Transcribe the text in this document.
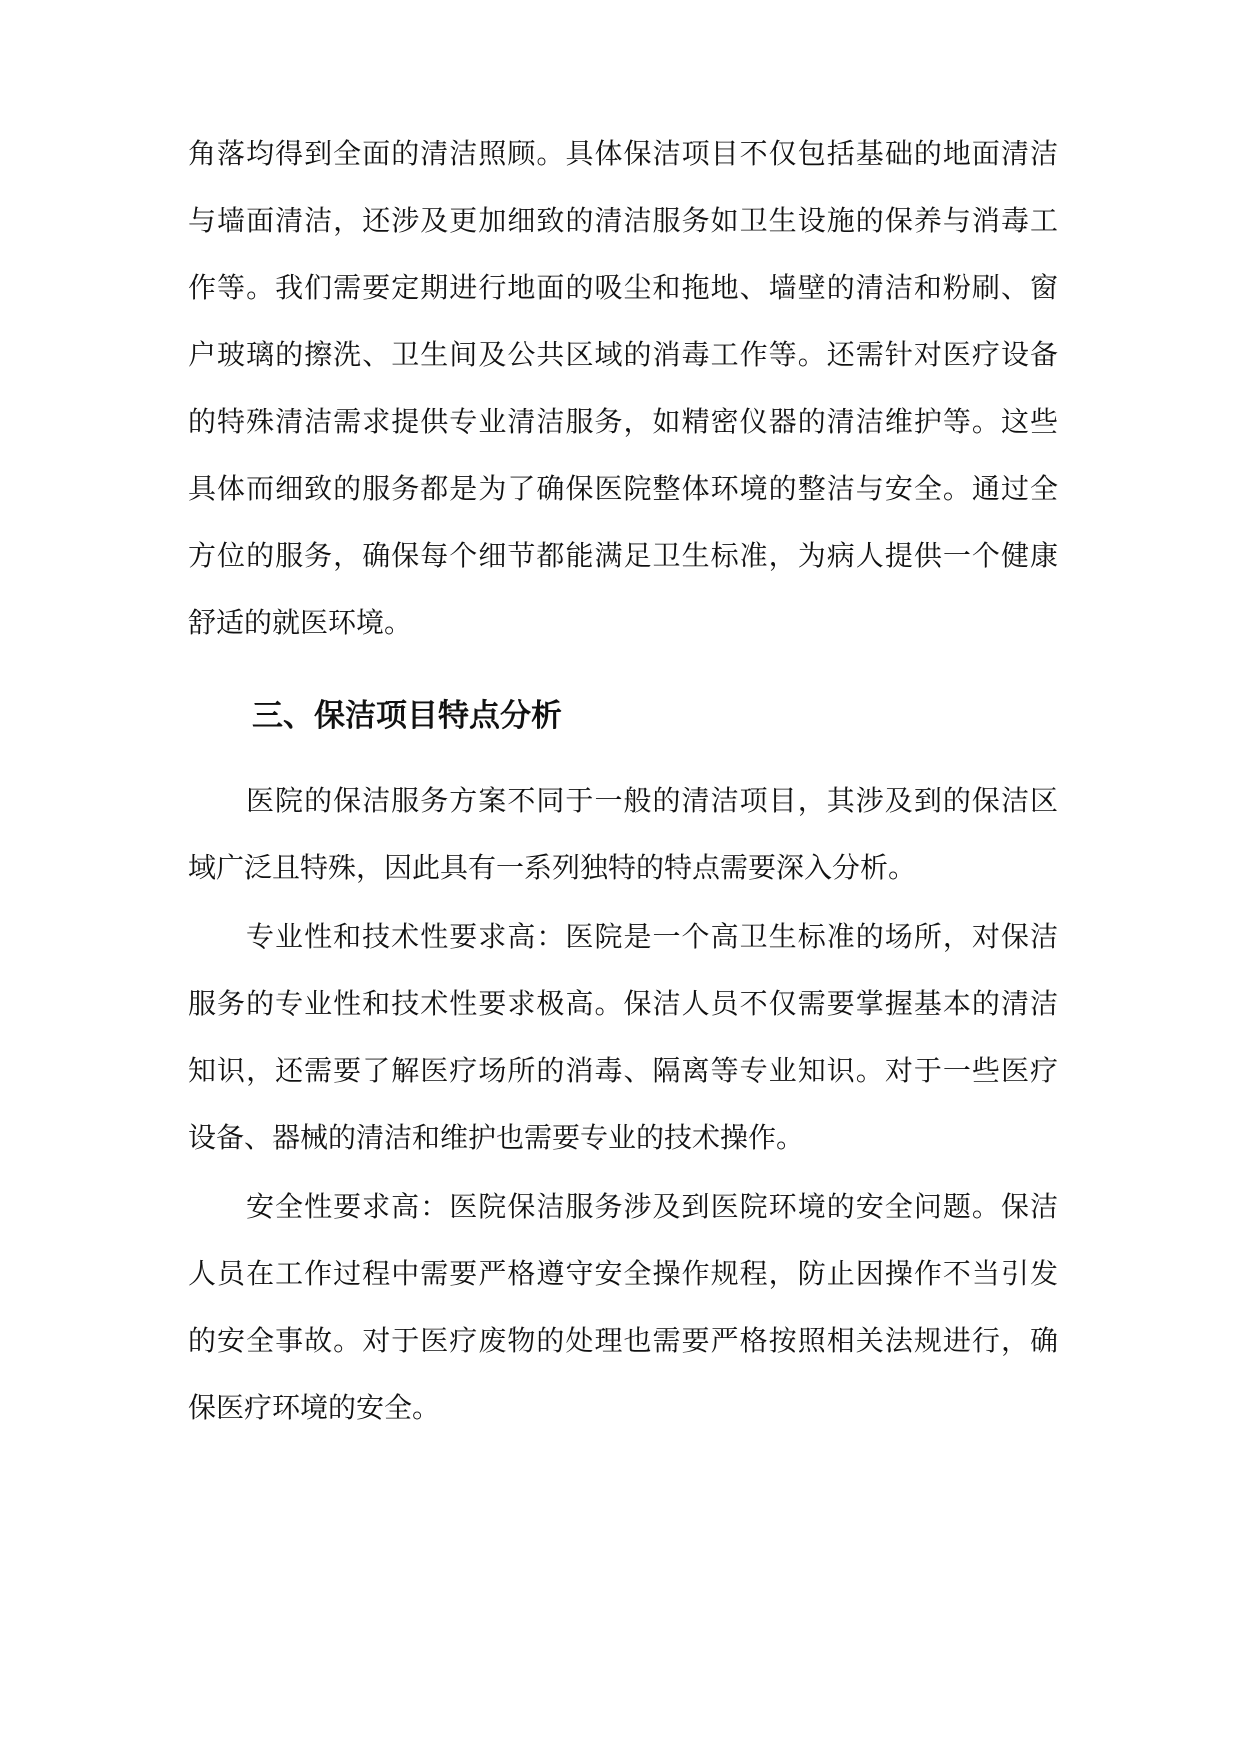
角落均得到全面的清洁照顾。具体保洁项目不仅包括基础的地面清洁
与墙面清洁，还涉及更加细致的清洁服务如卫生设施的保养与消毒工
作等。我们需要定期进行地面的吸尘和拖地、墙壁的清洁和粉刷、窗
户玻璃的擦洗、卫生间及公共区域的消毒工作等。还需针对医疗设备
的特殊清洁需求提供专业清洁服务，如精密仪器的清洁维护等。这些
具体而细致的服务都是为了确保医院整体环境的整洁与安全。通过全
方位的服务，确保每个细节都能满足卫生标准，为病人提供一个健康
舒适的就医环境。
三、保洁项目特点分析
医院的保洁服务方案不同于一般的清洁项目，其涉及到的保洁区
域广泛且特殊，因此具有一系列独特的特点需要深入分析。
专业性和技术性要求高：医院是一个高卫生标准的场所，对保洁
服务的专业性和技术性要求极高。保洁人员不仅需要掌握基本的清洁
知识，还需要了解医疗场所的消毒、隔离等专业知识。对于一些医疗
设备、器械的清洁和维护也需要专业的技术操作。
安全性要求高：医院保洁服务涉及到医院环境的安全问题。保洁
人员在工作过程中需要严格遵守安全操作规程，防止因操作不当引发
的安全事故。对于医疗废物的处理也需要严格按照相关法规进行，确
保医疗环境的安全。
